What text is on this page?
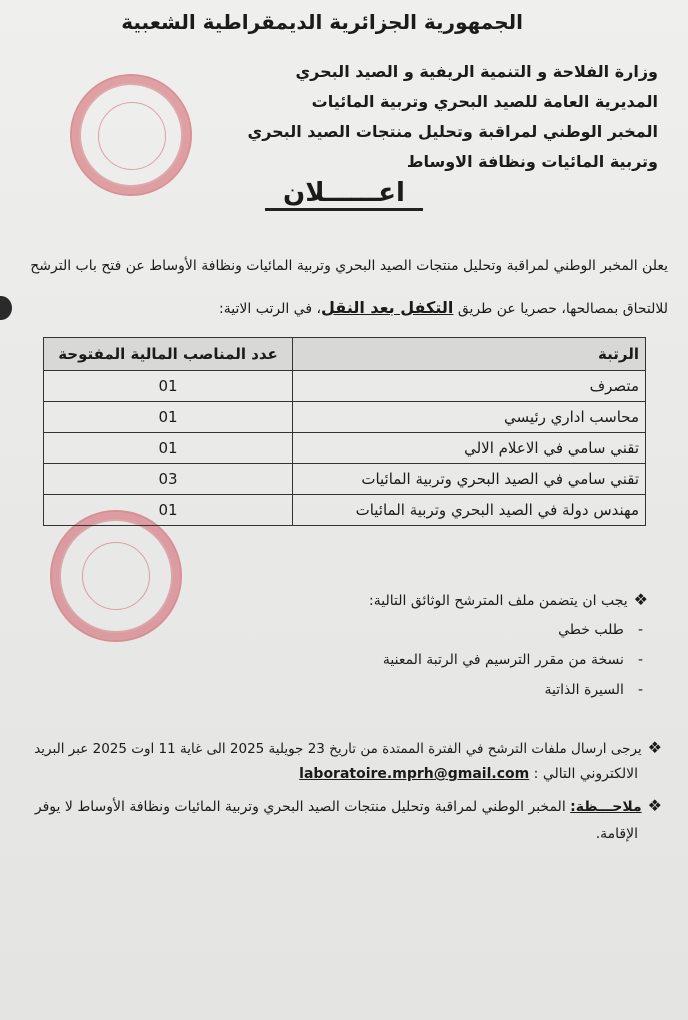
الجمهورية الجزائرية الديمقراطية الشعبية
وزارة الفلاحة و التنمية الريفية و الصيد البحري
المديرية العامة للصيد البحري وتربية المائيات
المخبر الوطني لمراقبة وتحليل منتجات الصيد البحري
وتربية المائيات ونظافة الاوساط
اعــــــلان
يعلن المخبر الوطني لمراقبة وتحليل منتجات الصيد البحري وتربية المائيات ونظافة الأوساط عن فتح باب الترشح
للالتحاق بمصالحها، حصريا عن طريق التكفل بعد النقل، في الرتب الاتية:
الرتبة	عدد المناصب المالية المفتوحة
متصرف	01
محاسب اداري رئيسي	01
تقني سامي في الاعلام الالي	01
تقني سامي في الصيد البحري وتربية المائيات	03
مهندس دولة في الصيد البحري وتربية المائيات	01
❖يجب ان يتضمن ملف المترشح الوثائق التالية:
-طلب خطي
-نسخة من مقرر الترسيم في الرتبة المعنية
-السيرة الذاتية
❖يرجى ارسال ملفات الترشح في الفترة الممتدة من تاريخ 23 جويلية 2025 الى غاية 11 اوت 2025 عبر البريد
الالكتروني التالي : laboratoire.mprh@gmail.com
❖ملاحـــظة: المخبر الوطني لمراقبة وتحليل منتجات الصيد البحري وتربية المائيات ونظافة الأوساط لا يوفر
الإقامة.
